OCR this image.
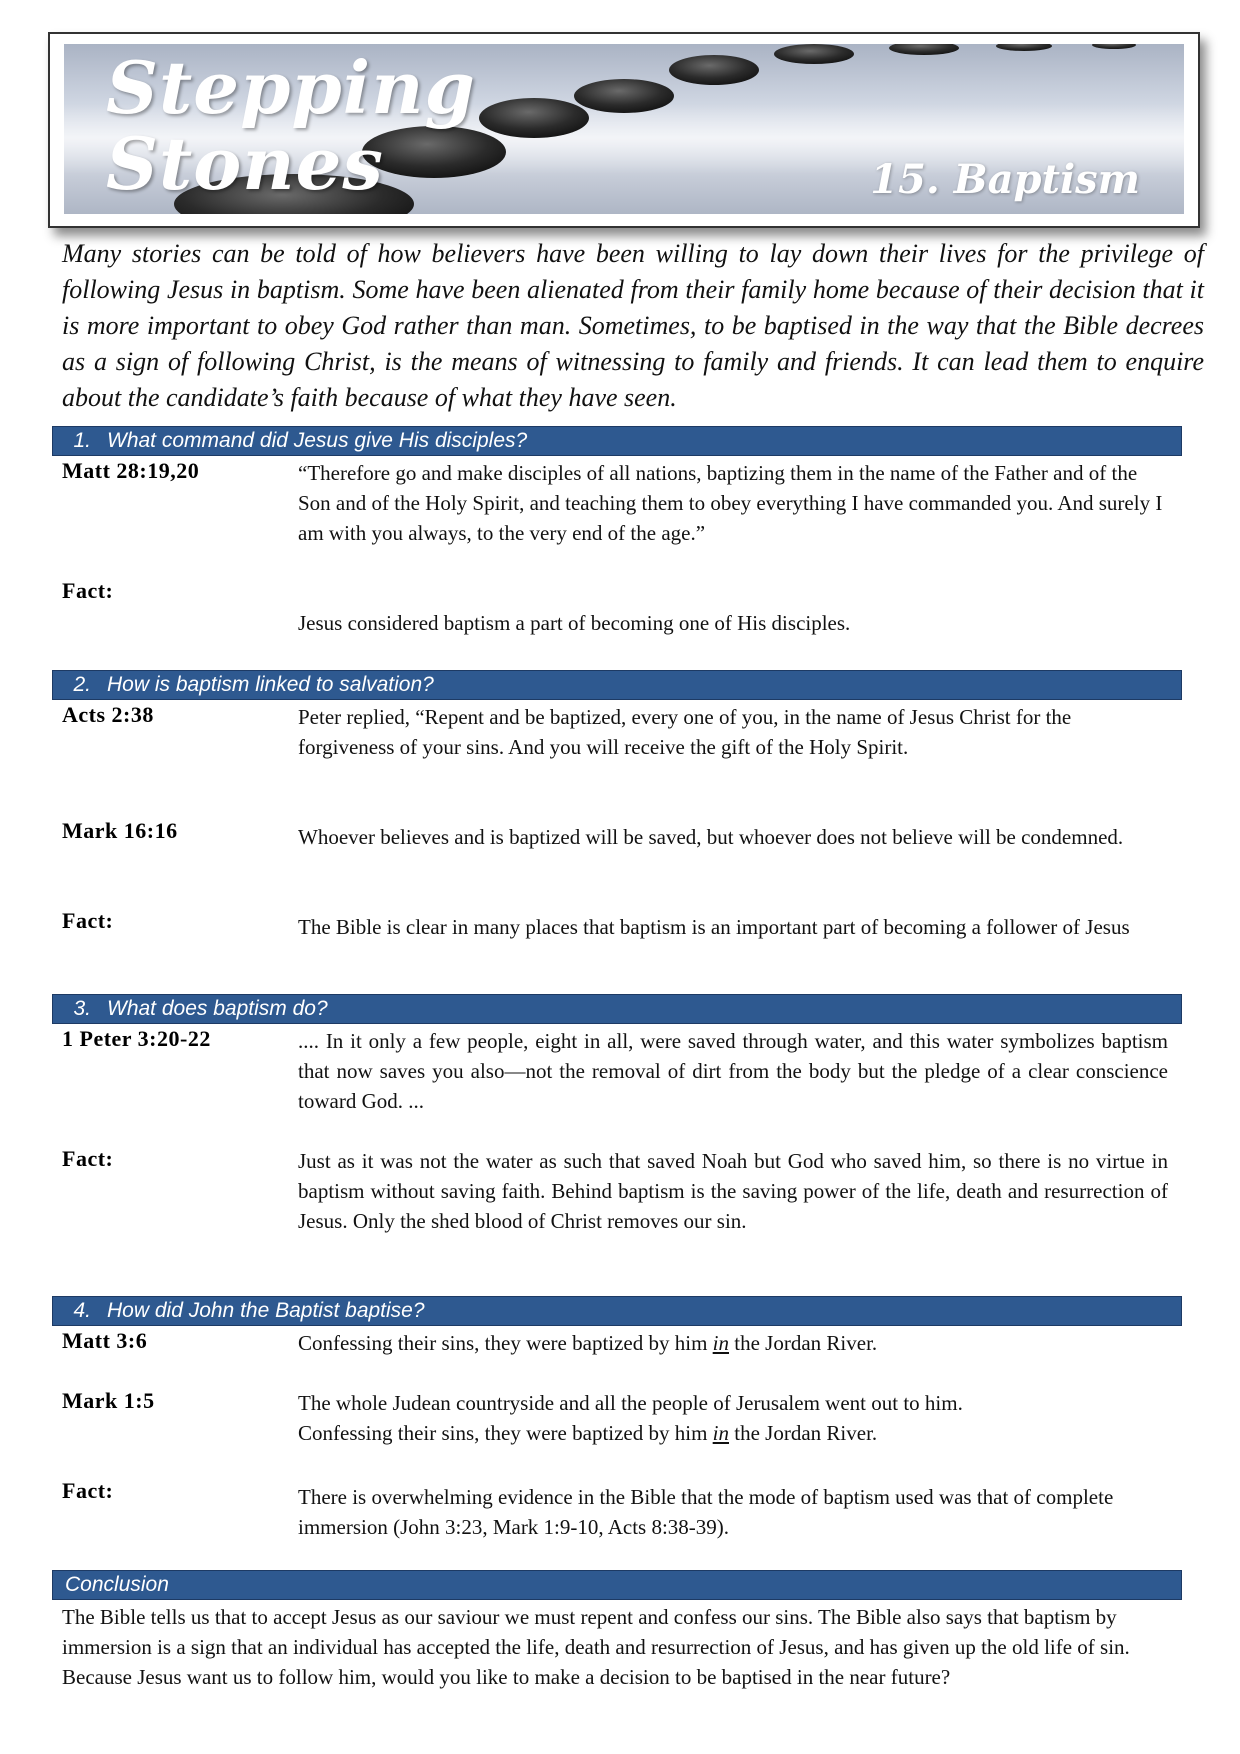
Stepping
Stones	15. Baptism
Many stories can be told of how believers have been willing to lay down their lives for the privilege of following Jesus in baptism. Some have been alienated from their family home because of their decision that it is more important to obey God rather than man. Sometimes, to be baptised in the way that the Bible decrees as a sign of following Christ, is the means of witnessing to family and friends. It can lead them to enquire about the candidate’s faith because of what they have seen.
1. What command did Jesus give His disciples?
Matt 28:19,20	“Therefore go and make disciples of all nations, baptizing them in the name of the Father and of the Son and of the Holy Spirit, and teaching them to obey everything I have commanded you. And surely I am with you always, to the very end of the age.”
Fact:
Jesus considered baptism a part of becoming one of His disciples.
2. How is baptism linked to salvation?
Acts 2:38	Peter replied, “Repent and be baptized, every one of you, in the name of Jesus Christ for the forgiveness of your sins. And you will receive the gift of the Holy Spirit.
Mark 16:16	Whoever believes and is baptized will be saved, but whoever does not believe will be condemned.
Fact:	The Bible is clear in many places that baptism is an important part of becoming a follower of Jesus
3. What does baptism do?
1 Peter 3:20-22	.... In it only a few people, eight in all, were saved through water, and this water symbolizes baptism that now saves you also—not the removal of dirt from the body but the pledge of a clear conscience toward God. ...
Fact:	Just as it was not the water as such that saved Noah but God who saved him, so there is no virtue in baptism without saving faith. Behind baptism is the saving power of the life, death and resurrection of Jesus. Only the shed blood of Christ removes our sin.
4. How did John the Baptist baptise?
Matt 3:6	Confessing their sins, they were baptized by him in the Jordan River.
Mark 1:5	The whole Judean countryside and all the people of Jerusalem went out to him.
Confessing their sins, they were baptized by him in the Jordan River.
Fact:	There is overwhelming evidence in the Bible that the mode of baptism used was that of complete immersion (John 3:23, Mark 1:9-10, Acts 8:38-39).
Conclusion
The Bible tells us that to accept Jesus as our saviour we must repent and confess our sins. The Bible also says that baptism by immersion is a sign that an individual has accepted the life, death and resurrection of Jesus, and has given up the old life of sin. Because Jesus want us to follow him, would you like to make a decision to be baptised in the near future?
